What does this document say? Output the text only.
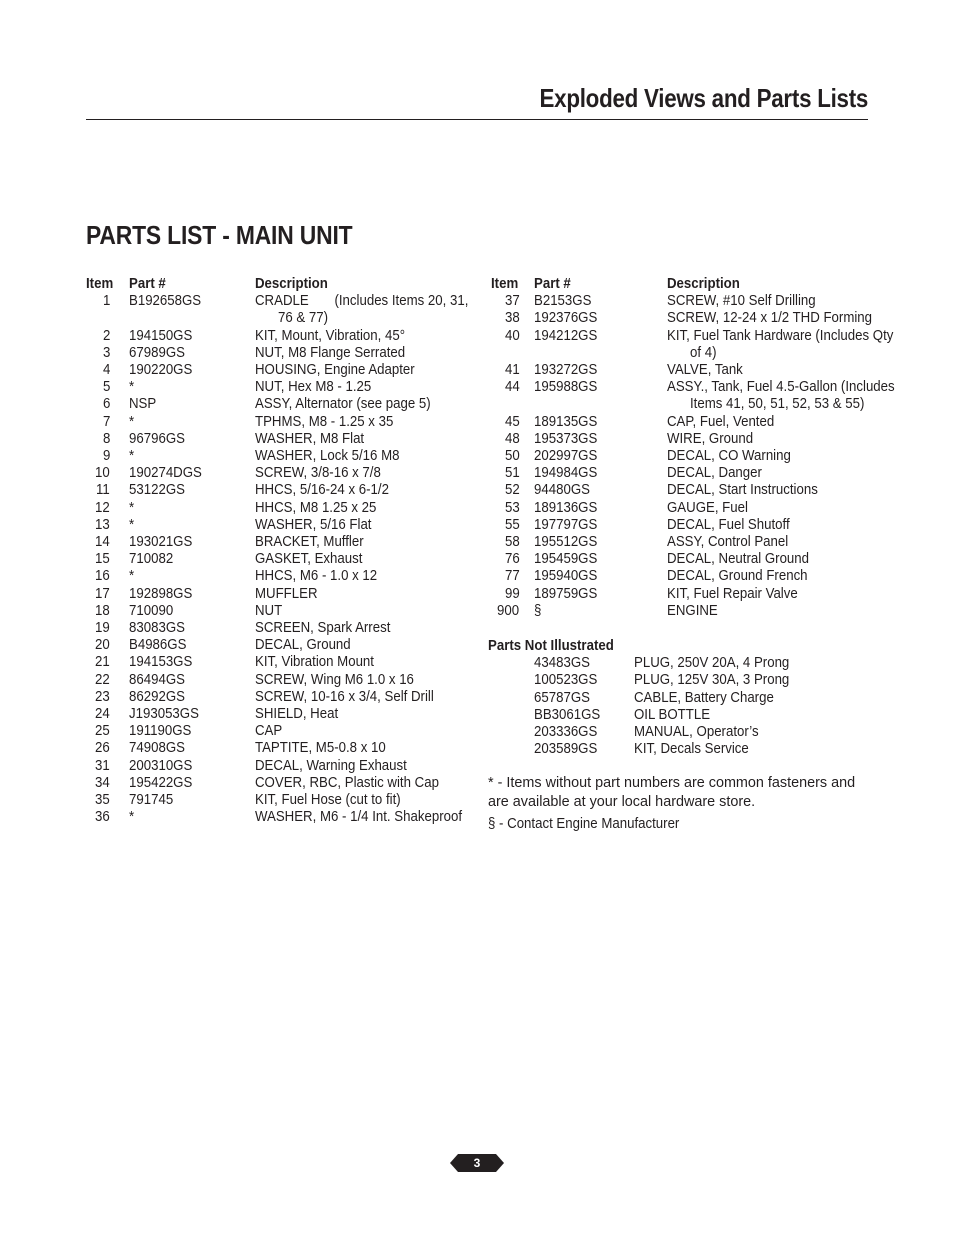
Exploded Views and Parts Lists
PARTS LIST - MAIN UNIT
Item	Part #	Description
1	B192658GS	CRADLE       (Includes Items 20, 31,
76 & 77)
2	194150GS	KIT, Mount, Vibration, 45°
3	67989GS	NUT, M8 Flange Serrated
4	190220GS	HOUSING, Engine Adapter
5	*	NUT, Hex M8 - 1.25
6	NSP	ASSY, Alternator (see page 5)
7	*	TPHMS, M8 - 1.25 x 35
8	96796GS	WASHER, M8 Flat
9	*	WASHER, Lock 5/16 M8
10	190274DGS	SCREW, 3/8-16 x 7/8
11	53122GS	HHCS, 5/16-24 x 6-1/2
12	*	HHCS, M8 1.25 x 25
13	*	WASHER, 5/16 Flat
14	193021GS	BRACKET, Muffler
15	710082	GASKET, Exhaust
16	*	HHCS, M6 - 1.0 x 12
17	192898GS	MUFFLER
18	710090	NUT
19	83083GS	SCREEN, Spark Arrest
20	B4986GS	DECAL, Ground
21	194153GS	KIT, Vibration Mount
22	86494GS	SCREW, Wing M6 1.0 x 16
23	86292GS	SCREW, 10-16 x 3/4, Self Drill
24	J193053GS	SHIELD, Heat
25	191190GS	CAP
26	74908GS	TAPTITE, M5-0.8 x 10
31	200310GS	DECAL, Warning Exhaust
34	195422GS	COVER, RBC, Plastic with Cap
35	791745	KIT, Fuel Hose (cut to fit)
36	*	WASHER, M6 - 1/4 Int. Shakeproof
Item	Part #	Description
37 B2153GS	SCREW, #10 Self Drilling
38 192376GS	SCREW, 12-24 x 1/2 THD Forming
40 194212GS	KIT, Fuel Tank Hardware (Includes Qty
of 4)
41 193272GS	VALVE, Tank
44 195988GS	ASSY., Tank, Fuel 4.5-Gallon (Includes
Items 41, 50, 51, 52, 53 & 55)
45 189135GS	CAP, Fuel, Vented
48 195373GS	WIRE, Ground
50 202997GS	DECAL, CO Warning
51 194984GS	DECAL, Danger
52 94480GS	DECAL, Start Instructions
53 189136GS	GAUGE, Fuel
55 197797GS	DECAL, Fuel Shutoff
58 195512GS	ASSY, Control Panel
76 195459GS	DECAL, Neutral Ground
77 195940GS	DECAL, Ground French
99 189759GS	KIT, Fuel Repair Valve
900	§	ENGINE
Parts Not Illustrated
43483GS	PLUG, 250V 20A, 4 Prong
100523GS	PLUG, 125V 30A, 3 Prong
65787GS	CABLE, Battery Charge
BB3061GS	OIL BOTTLE
203336GS	MANUAL, Operator’s
203589GS	KIT, Decals Service

* - Items without part numbers are common fasteners and are available at your local hardware store.

§ - Contact Engine Manufacturer

3
